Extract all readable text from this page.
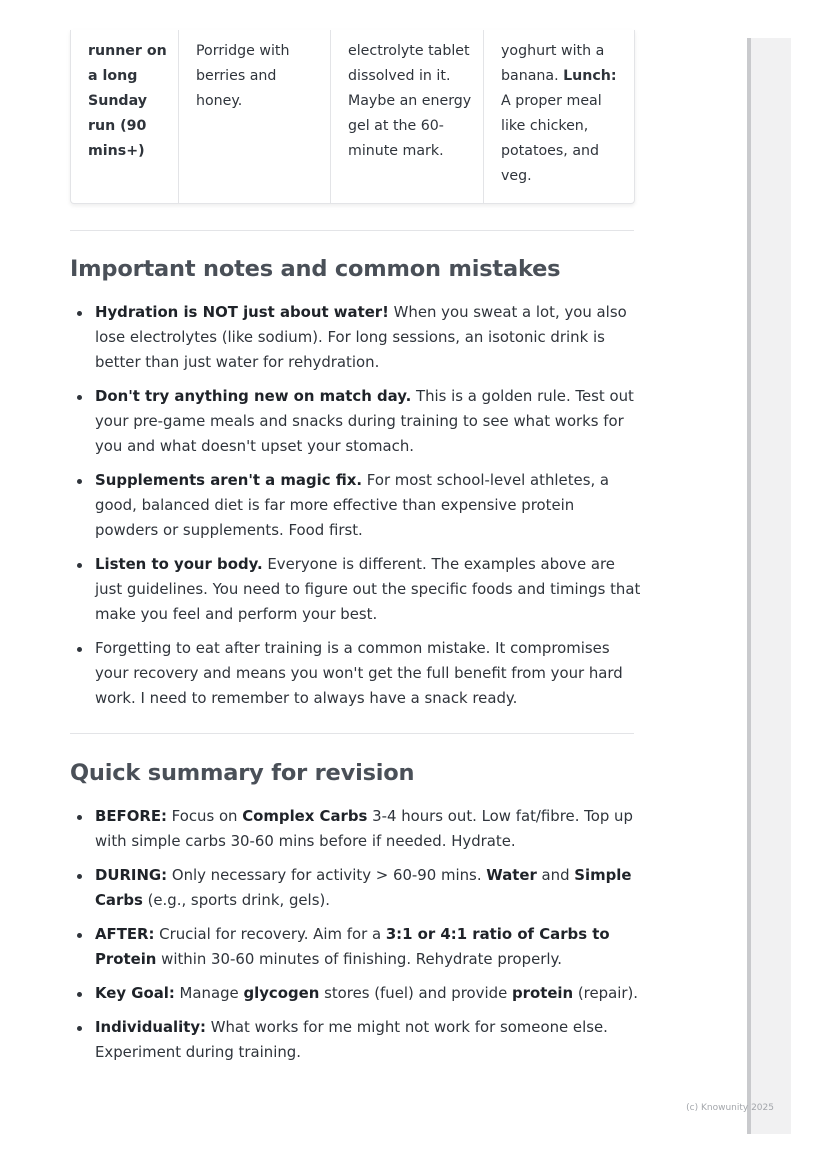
runner on a long Sunday run (90 mins+)
Porridge with berries and honey.
electrolyte tablet dissolved in it. Maybe an energy gel at the 60-minute mark.
yoghurt with a banana. Lunch: A proper meal like chicken, potatoes, and veg.
Important notes and common mistakes
Hydration is NOT just about water! When you sweat a lot, you also lose electrolytes (like sodium). For long sessions, an isotonic drink is better than just water for rehydration.
Don't try anything new on match day. This is a golden rule. Test out your pre-game meals and snacks during training to see what works for you and what doesn't upset your stomach.
Supplements aren't a magic fix. For most school-level athletes, a good, balanced diet is far more effective than expensive protein powders or supplements. Food first.
Listen to your body. Everyone is different. The examples above are just guidelines. You need to figure out the specific foods and timings that make you feel and perform your best.
Forgetting to eat after training is a common mistake. It compromises your recovery and means you won't get the full benefit from your hard work. I need to remember to always have a snack ready.
Quick summary for revision
BEFORE: Focus on Complex Carbs 3-4 hours out. Low fat/fibre. Top up with simple carbs 30-60 mins before if needed. Hydrate.
DURING: Only necessary for activity > 60-90 mins. Water and Simple Carbs (e.g., sports drink, gels).
AFTER: Crucial for recovery. Aim for a 3:1 or 4:1 ratio of Carbs to Protein within 30-60 minutes of finishing. Rehydrate properly.
Key Goal: Manage glycogen stores (fuel) and provide protein (repair).
Individuality: What works for me might not work for someone else. Experiment during training.
(c) Knowunity 2025
